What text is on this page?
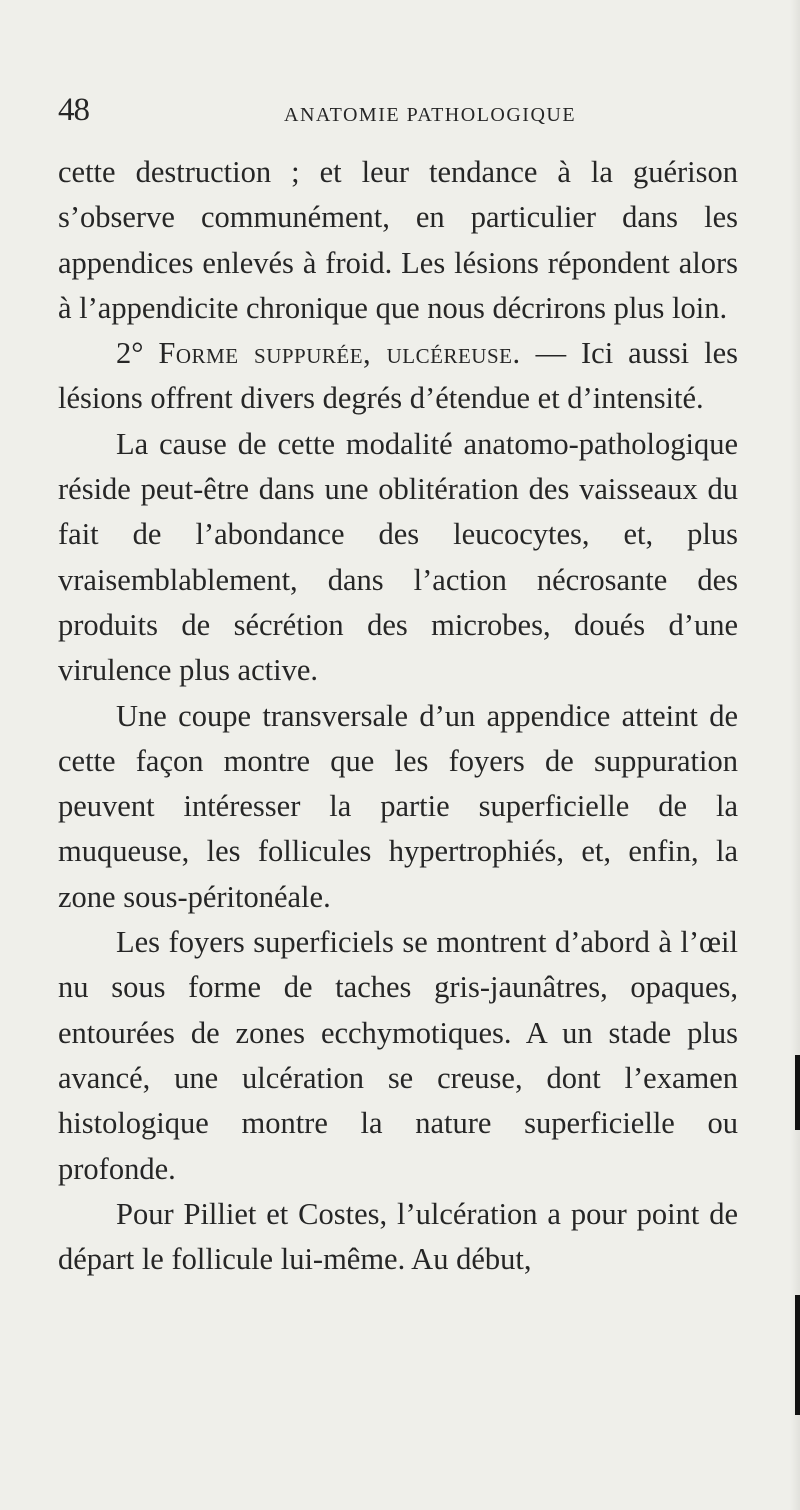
48	ANATOMIE PATHOLOGIQUE

cette destruction ; et leur tendance à la guérison s’observe communément, en particulier dans les appendices enlevés à froid. Les lésions répondent alors à l’appendicite chronique que nous décrirons plus loin.

2° Forme suppurée, ulcéreuse. — Ici aussi les lésions offrent divers degrés d’étendue et d’intensité.

La cause de cette modalité anatomo-pathologique réside peut-être dans une oblitération des vaisseaux du fait de l’abondance des leucocytes, et, plus vraisemblablement, dans l’action nécrosante des produits de sécrétion des microbes, doués d’une virulence plus active.

Une coupe transversale d’un appendice atteint de cette façon montre que les foyers de suppuration peuvent intéresser la partie superficielle de la muqueuse, les follicules hypertrophiés, et, enfin, la zone sous-péritonéale.

Les foyers superficiels se montrent d’abord à l’œil nu sous forme de taches gris-jaunâtres, opaques, entourées de zones ecchymotiques. A un stade plus avancé, une ulcération se creuse, dont l’examen histologique montre la nature superficielle ou profonde.

Pour Pilliet et Costes, l’ulcération a pour point de départ le follicule lui-même. Au début,
